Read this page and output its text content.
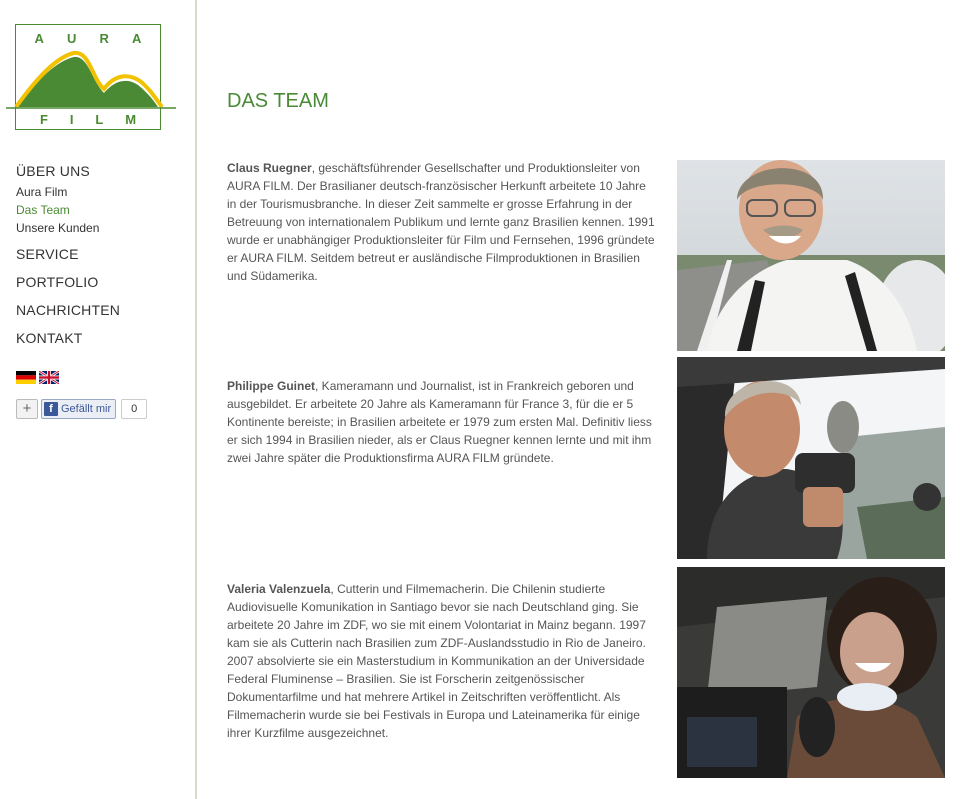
A U R A
F I L M
ÜBER UNS
Aura Film
Das Team
Unsere Kunden
SERVICE
PORTFOLIO
NACHRICHTEN
KONTAKT
+	f Gefällt mir	0
DAS TEAM
Claus Ruegner, geschäftsführender Gesellschafter und Produktionsleiter von AURA FILM. Der Brasilianer deutsch-französischer Herkunft arbeitete 10 Jahre in der Tourismusbranche. In dieser Zeit sammelte er grosse Erfahrung in der Betreuung von internationalem Publikum und lernte ganz Brasilien kennen. 1991 wurde er unabhängiger Produktionsleiter für Film und Fernsehen, 1996 gründete er AURA FILM. Seitdem betreut er ausländische Filmproduktionen in Brasilien und Südamerika.
Philippe Guinet, Kameramann und Journalist, ist in Frankreich geboren und ausgebildet. Er arbeitete 20 Jahre als Kameramann für France 3, für die er 5 Kontinente bereiste; in Brasilien arbeitete er 1979 zum ersten Mal. Definitiv liess er sich 1994 in Brasilien nieder, als er Claus Ruegner kennen lernte und mit ihm zwei Jahre später die Produktionsfirma AURA FILM gründete.
Valeria Valenzuela, Cutterin und Filmemacherin. Die Chilenin studierte Audiovisuelle Komunikation in Santiago bevor sie nach Deutschland ging. Sie arbeitete 20 Jahre im ZDF, wo sie mit einem Volontariat in Mainz begann. 1997 kam sie als Cutterin nach Brasilien zum ZDF-Auslandsstudio in Rio de Janeiro. 2007 absolvierte sie ein Masterstudium in Kommunikation an der Universidade Federal Fluminense – Brasilien. Sie ist Forscherin zeitgenössischer Dokumentarfilme und hat mehrere Artikel in Zeitschriften veröffentlicht. Als Filmemacherin wurde sie bei Festivals in Europa und Lateinamerika für einige ihrer Kurzfilme ausgezeichnet.
